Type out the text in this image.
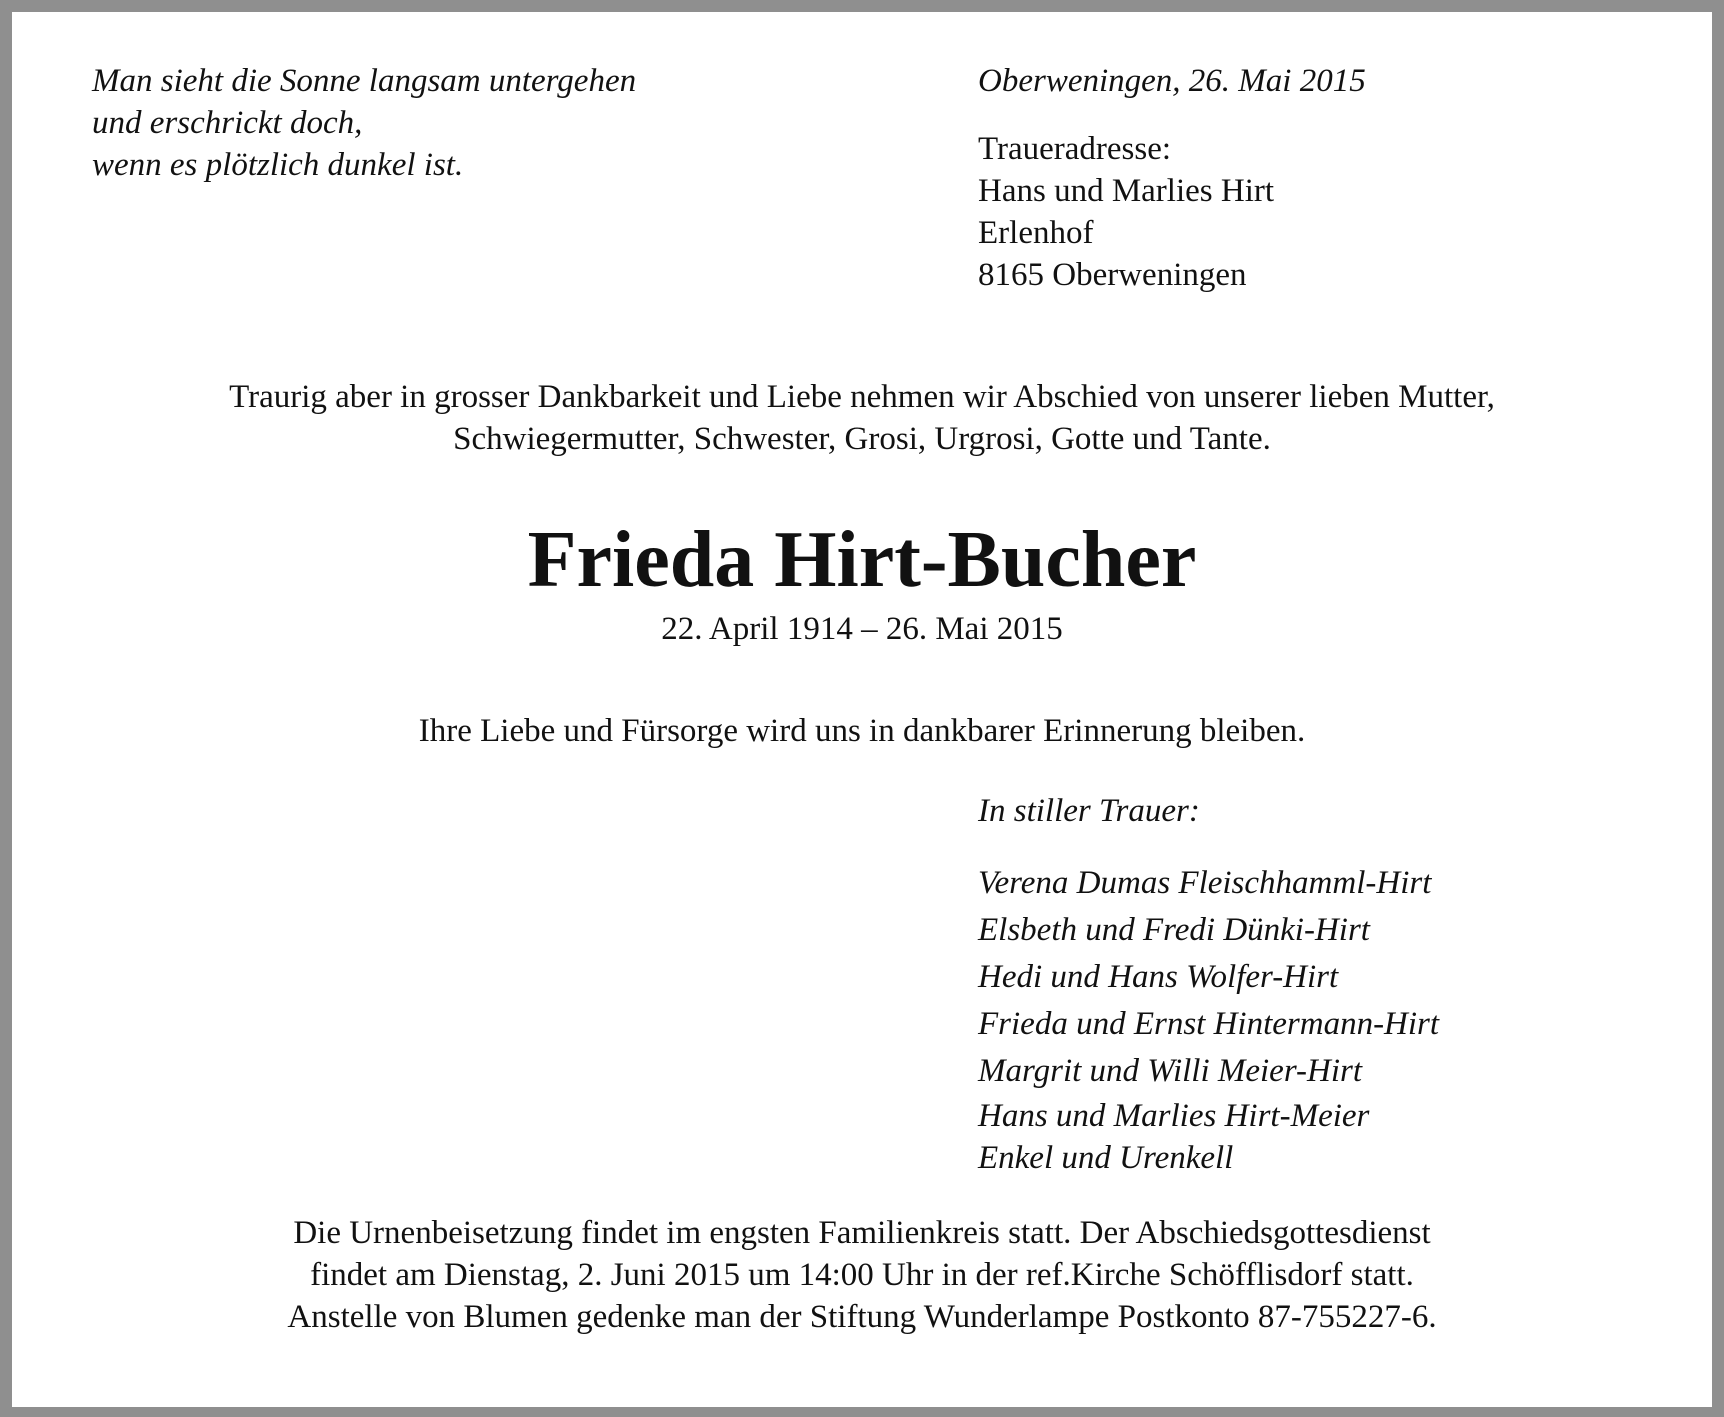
Man sieht die Sonne langsam untergehen
und erschrickt doch,
wenn es plötzlich dunkel ist.
Oberweningen, 26. Mai 2015
Traueradresse:
Hans und Marlies Hirt
Erlenhof
8165 Oberweningen
Traurig aber in grosser Dankbarkeit und Liebe nehmen wir Abschied von unserer lieben Mutter,
Schwiegermutter, Schwester, Grosi, Urgrosi, Gotte und Tante.
Frieda Hirt-Bucher
22. April 1914 – 26. Mai 2015
Ihre Liebe und Fürsorge wird uns in dankbarer Erinnerung bleiben.
In stiller Trauer:
Verena Dumas Fleischhamml-Hirt
Elsbeth und Fredi Dünki-Hirt
Hedi und Hans Wolfer-Hirt
Frieda und Ernst Hintermann-Hirt
Margrit und Willi Meier-Hirt
Hans und Marlies Hirt-Meier
Enkel und Urenkell
Die Urnenbeisetzung findet im engsten Familienkreis statt. Der Abschiedsgottesdienst
findet am Dienstag, 2. Juni 2015 um 14:00 Uhr in der ref.Kirche Schöfflisdorf statt.
Anstelle von Blumen gedenke man der Stiftung Wunderlampe Postkonto 87-755227-6.
